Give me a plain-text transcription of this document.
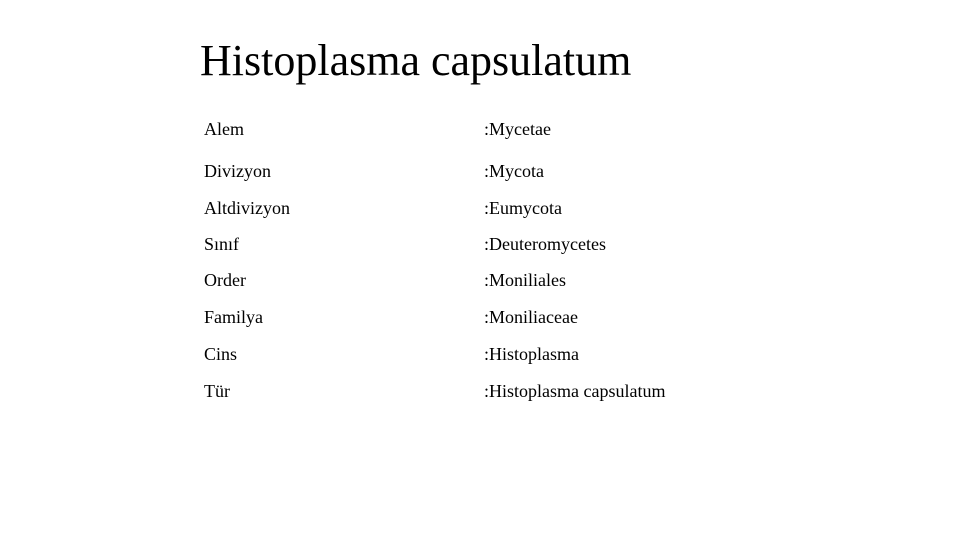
Histoplasma capsulatum
Alem	:Mycetae
Divizyon	:Mycota
Altdivizyon	:Eumycota
Sınıf	:Deuteromycetes
Order	:Moniliales
Familya	:Moniliaceae
Cins	:Histoplasma
Tür	:Histoplasma capsulatum
